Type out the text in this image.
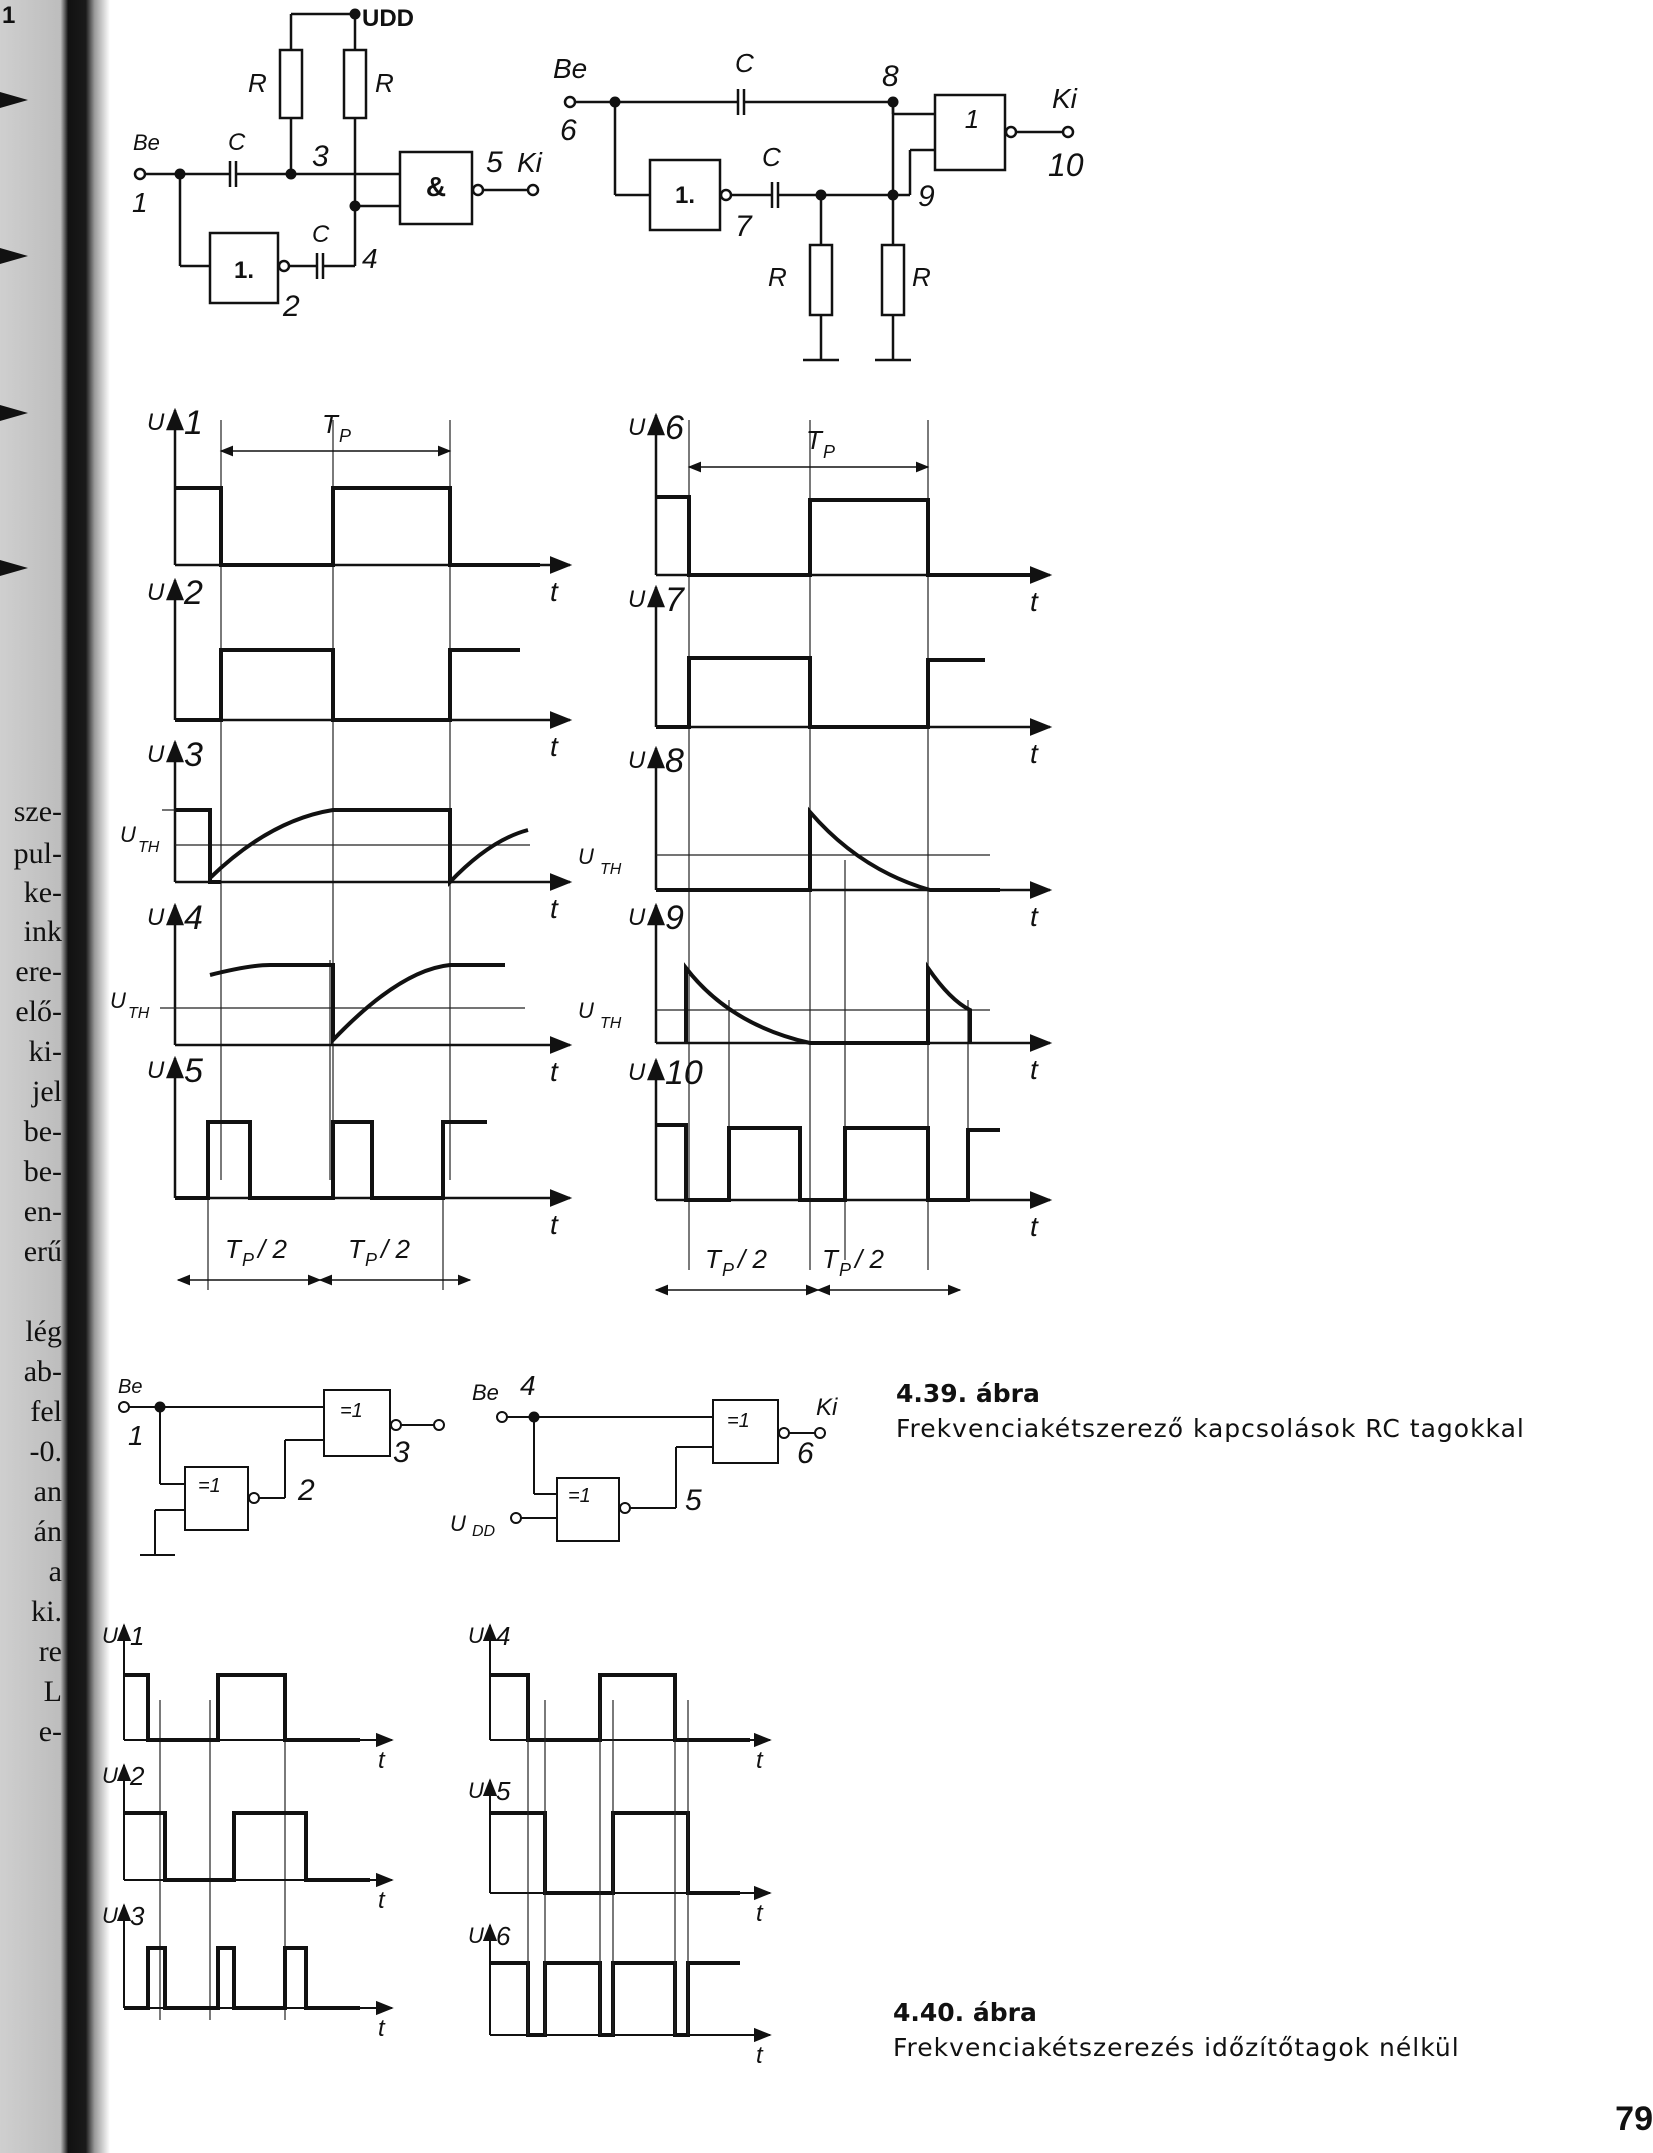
1
sze-
pul-
ke-
ink
ere-
elő-
ki-
jel
be-
be-
en-
erű
lég
ab-
fel
-0.
an
án
a
ki.
re
L
e-
UDD
R	R
Be
1
C 3
1.
2
C
4
&
5 Ki
Be
6
C	8
1
Ki
10
1.
7
C
9
R	R
Be
1
=1
3
=1	2
Be 4
=1	Ki
6
U DD
=1	5
U 1
t
T P
U 2
t
U 3
t
U
TH
U 4
t
U
TH
U 5
t
T P / 2 T P / 2
U 6
t
T P
U 7
t
U 8
t
U
TH
U 9
t
U
TH
U 10
t
T P / 2 T P / 2
U 1
t
U 2
t
U 3
t
U 4
t
U 5
t
U 6
t
4.39. ábra
Frekvenciakétszerező kapcsolások RC tagokkal
4.40. ábra
Frekvenciakétszerezés időzítőtagok nélkül
79
